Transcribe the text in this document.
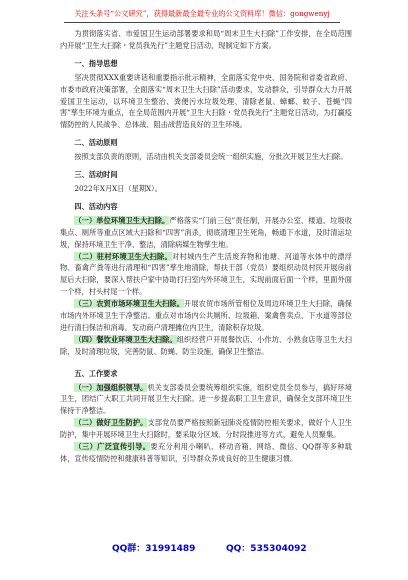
关注头条号“公文研究”，获得最新最全最专业的公文资料库！微信：gongwenyj

为贯彻落实省、市爱国卫生运动部署要求和局“周末卫生大扫除”工作安排，在全局范围内开展“卫生大扫除・党员我先行”主题党日活动，现制定如下方案。

一、指导思想

坚决贯彻XXX重要讲话和重要指示批示精神，全面落实党中央、国务院和省委省政府、市委市政府决策部署，全面落实“周末卫生大扫除”活动要求，发动群众，引导群众大力开展爱国卫生运动，以环境卫生整治、粪便污水垃圾处理、清除老鼠、蟑螂、蚊子、苍蝇“四害”孳生环境为重点，在全局范围内开展“卫生大扫除・党员我先行”主题党日活动，为打赢疫情防控的人民战争、总体战、阻击战营造良好的卫生环境。

二、活动原则

按照支部负责的原则，活动由机关支部委员会统一组织实施，分批次开展卫生大扫除。

三、活动时间

2022年X月X日（星期X）。

四、活动内容

（一）单位环境卫生大扫除。严格落实“门前三包”责任制，开展办公室、楼道、垃圾收集点、厕所等重点区域大扫除和“四害”消杀，彻底清理卫生死角，畅通下水道，及时清运垃圾，保持环境卫生干净、整洁，清除病媒生物孳生地。

（二）驻村环境卫生大扫除。对村城内生产生活废弃物和池塘、河道等水体中的漂浮物、畜禽产粪等进行清理和“四害”孳生地清除，帮扶干部（党员）要组织动员村民开展房前屋后大扫除，要深入帮扶户家中协助打扫室内外环境卫生，实现前面后面一个样，里面外面一个样，村头村尾一个样。

（三）农贸市场环境卫生大扫除。开展农贸市场所管相位及周边环境卫生大扫除，确保市场内外环境卫生干净整洁。重点对市场内公共厕所、垃圾箱、案禽售卖点、下水道等部位进行清扫保洁和消毒。发动商户清理摊位内卫生，清除积存垃圾。

（四）餐饮业环境卫生大扫除。组织经营户开展餐饮店、小作坊、小熟食店等卫生大扫除，及时清理垃圾，完善防鼠、防蝇、防尘设施，确保卫生整洁。

五、工作要求

（一）加强组织领导。机关支部委员会要统筹组织实施，组织党员全员参与，搞好环境卫生，团结广大职工共同开展卫生大扫除。进一步提高职工卫生意识，确保全支部环境卫生保持干净整洁。

（二）做好卫生防护。支部党员要严格按照新冠肺炎疫情防控相关要求，做好个人卫生防护，集中开展环境卫生大扫除时，要采取分区域、分时段推进等方式，避免人员聚集。

（三）广泛宣传引导。要充分利用小喇叭、移动音箱、网络、微信、QQ群等多种载体，宣传疫情防控和健康科普等知识，引导群众养成良好的卫生健康习惯。

QQ群：31991489	QQ：535304092
